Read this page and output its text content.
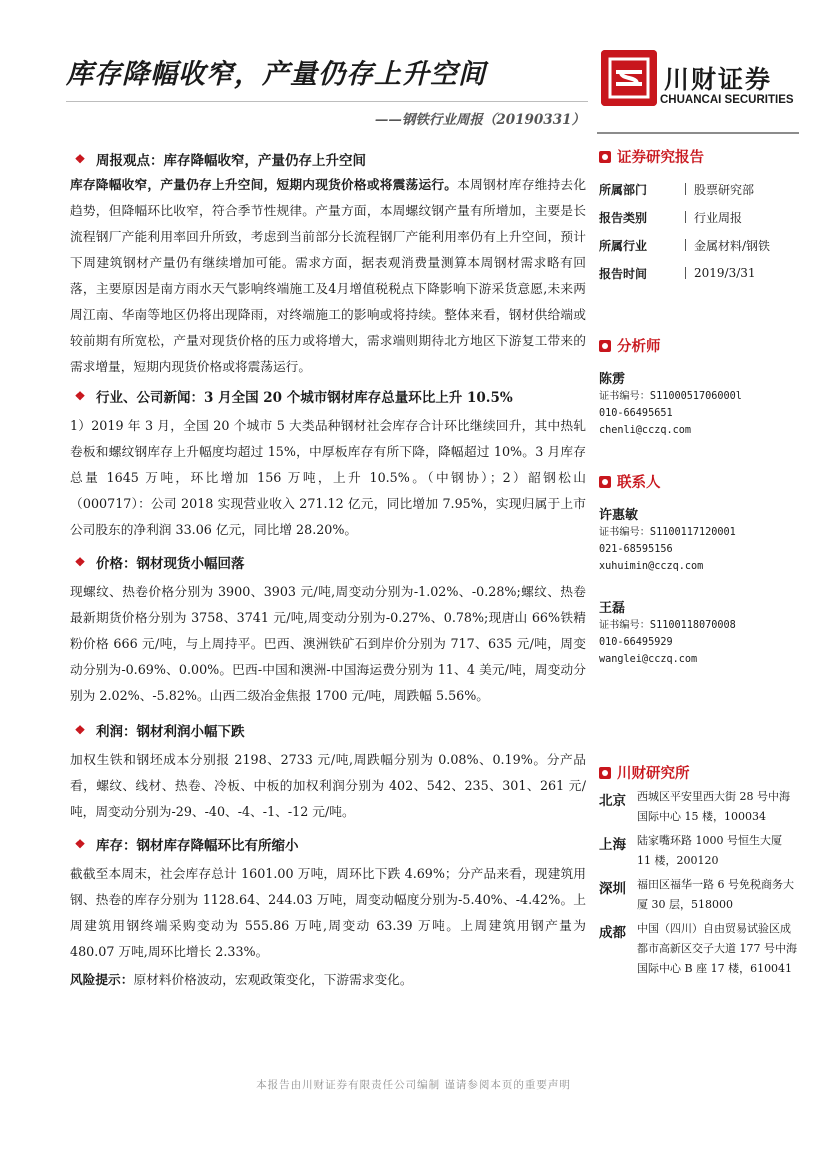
库存降幅收窄，产量仍存上升空间
——钢铁行业周报（20190331）
川财证券
CHUANCAI SECURITIES
❖ 周报观点：库存降幅收窄，产量仍存上升空间

库存降幅收窄，产量仍存上升空间，短期内现货价格或将震荡运行。本周钢材库存维持去化趋势，但降幅环比收窄，符合季节性规律。产量方面，本周螺纹钢产量有所增加，主要是长流程钢厂产能利用率回升所致，考虑到当前部分长流程钢厂产能利用率仍有上升空间，预计下周建筑钢材产量仍有继续增加可能。需求方面，据表观消费量测算本周钢材需求略有回落，主要原因是南方雨水天气影响终端施工及4月增值税税点下降影响下游采货意愿,未来两周江南、华南等地区仍将出现降雨，对终端施工的影响或将持续。整体来看，钢材供给端或较前期有所宽松，产量对现货价格的压力或将增大，需求端则期待北方地区下游复工带来的需求增量，短期内现货价格或将震荡运行。

❖ 行业、公司新闻：3 月全国 20 个城市钢材库存总量环比上升 10.5%

1）2019 年 3 月，全国 20 个城市 5 大类品种钢材社会库存合计环比继续回升，其中热轧卷板和螺纹钢库存上升幅度均超过 15%，中厚板库存有所下降，降幅超过 10%。3 月库存总量 1645 万吨，环比增加 156 万吨，上升 10.5%。（中钢协）；2）韶钢松山（000717）：公司 2018 实现营业收入 271.12 亿元，同比增加 7.95%，实现归属于上市公司股东的净利润 33.06 亿元，同比增 28.20%。

❖ 价格：钢材现货小幅回落

现螺纹、热卷价格分别为 3900、3903 元/吨,周变动分别为-1.02%、-0.28%;螺纹、热卷最新期货价格分别为 3758、3741 元/吨,周变动分别为-0.27%、0.78%;现唐山 66%铁精粉价格 666 元/吨，与上周持平。巴西、澳洲铁矿石到岸价分别为 717、635 元/吨，周变动分别为-0.69%、0.00%。巴西-中国和澳洲-中国海运费分别为 11、4 美元/吨，周变动分别为 2.02%、-5.82%。山西二级冶金焦报 1700 元/吨，周跌幅 5.56%。

❖ 利润：钢材利润小幅下跌

加权生铁和钢坯成本分别报 2198、2733 元/吨,周跌幅分别为 0.08%、0.19%。分产品看，螺纹、线材、热卷、冷板、中板的加权利润分别为 402、542、235、301、261 元/吨，周变动分别为-29、-40、-4、-1、-12 元/吨。

❖ 库存：钢材库存降幅环比有所缩小

截截至本周末，社会库存总计 1601.00 万吨，周环比下跌 4.69%；分产品来看，现建筑用钢、热卷的库存分别为 1128.64、244.03 万吨，周变动幅度分别为-5.40%、-4.42%。上周建筑用钢终端采购变动为 555.86 万吨,周变动 63.39 万吨。上周建筑用钢产量为 480.07 万吨,周环比增长 2.33%。

风险提示：原材料价格波动，宏观政策变化，下游需求变化。
证券研究报告
所属部门	股票研究部
报告类别	行业周报
所属行业	金属材料/钢铁
报告时间	2019/3/31
分析师
陈雳
证书编号：S1100051706000l
010-66495651
chenli@cczq.com
联系人
许惠敏
证书编号：S1100117120001
021-68595156
xuhuimin@cczq.com
王磊
证书编号：S1100118070008
010-66495929
wanglei@cczq.com
川财研究所
北京	西城区平安里西大街 28 号中海国际中心 15 楼，100034
上海	陆家嘴环路 1000 号恒生大厦 11 楼，200120
深圳	福田区福华一路 6 号免税商务大厦 30 层，518000
成都	中国（四川）自由贸易试验区成都市高新区交子大道 177 号中海国际中心 B 座 17 楼，610041
本报告由川财证券有限责任公司编制 谨请参阅本页的重要声明
